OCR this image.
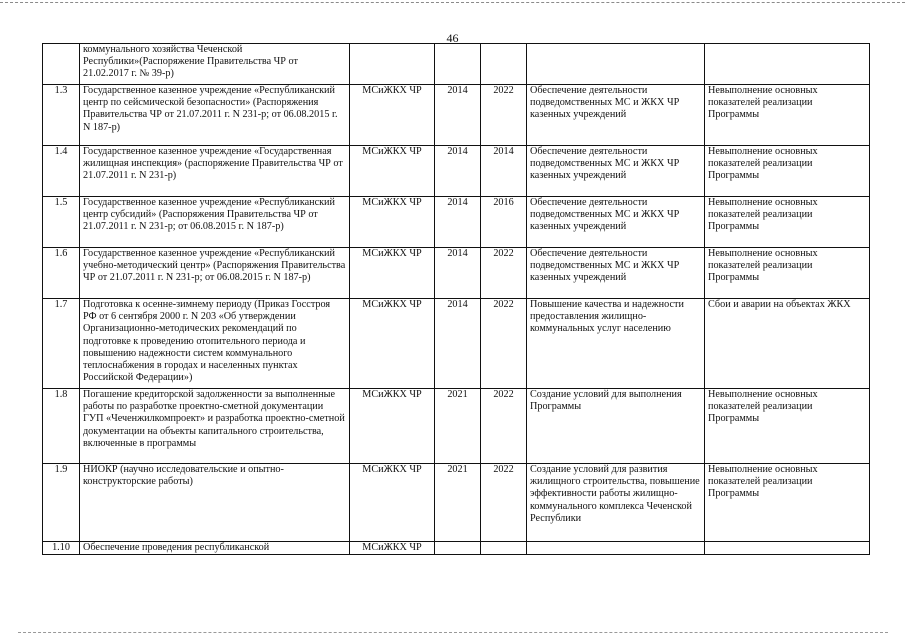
46
	коммунального хозяйства Чеченской Республики»(Распоряжение Правительства ЧР от 21.02.2017 г. № 39-р)					
1.3	Государственное казенное учреждение «Республиканский центр по сейсмической безопасности» (Распоряжения Правительства ЧР от 21.07.2011 г. N 231-р; от 06.08.2015 г. N 187-р)	МСиЖКХ ЧР	2014	2022	Обеспечение деятельности подведомственных МС и ЖКХ ЧР казенных учреждений	Невыполнение основных показателей реализации Программы
1.4	Государственное казенное учреждение «Государственная жилищная инспекция» (распоряжение Правительства ЧР от 21.07.2011 г. N 231-р)	МСиЖКХ ЧР	2014	2014	Обеспечение деятельности подведомственных МС и ЖКХ ЧР казенных учреждений	Невыполнение основных показателей реализации Программы
1.5	Государственное казенное учреждение «Республиканский центр субсидий» (Распоряжения Правительства ЧР от 21.07.2011 г. N 231-р; от 06.08.2015 г. N 187-р)	МСиЖКХ ЧР	2014	2016	Обеспечение деятельности подведомственных МС и ЖКХ ЧР казенных учреждений	Невыполнение основных показателей реализации Программы
1.6	Государственное казенное учреждение «Республиканский учебно-методический центр» (Распоряжения Правительства ЧР от 21.07.2011 г. N 231-р; от 06.08.2015 г. N 187-р)	МСиЖКХ ЧР	2014	2022	Обеспечение деятельности подведомственных МС и ЖКХ ЧР казенных учреждений	Невыполнение основных показателей реализации Программы
1.7	Подготовка к осенне-зимнему периоду (Приказ Госстроя РФ от 6 сентября 2000 г. N 203 «Об утверждении Организационно-методических рекомендаций по подготовке к проведению отопительного периода и повышению надежности систем коммунального теплоснабжения в городах и населенных пунктах Российской Федерации»)	МСиЖКХ ЧР	2014	2022	Повышение качества и надежности предоставления жилищно-коммунальных услуг населению	Сбои и аварии на объектах ЖКХ
1.8	Погашение кредиторской задолженности за выполненные работы по разработке проектно-сметной документации ГУП «Чеченжилкомпроект» и разработка проектно-сметной документации на объекты капитального строительства, включенные в программы	МСиЖКХ ЧР	2021	2022	Создание условий для выполнения Программы	Невыполнение основных показателей реализации Программы
1.9	НИОКР (научно исследовательские и опытно-конструкторские работы)	МСиЖКХ ЧР	2021	2022	Создание условий для развития жилищного строительства, повышение эффективности работы жилищно-коммунального комплекса Чеченской Республики	Невыполнение основных показателей реализации Программы
1.10	Обеспечение проведения республиканской	МСиЖКХ ЧР				
